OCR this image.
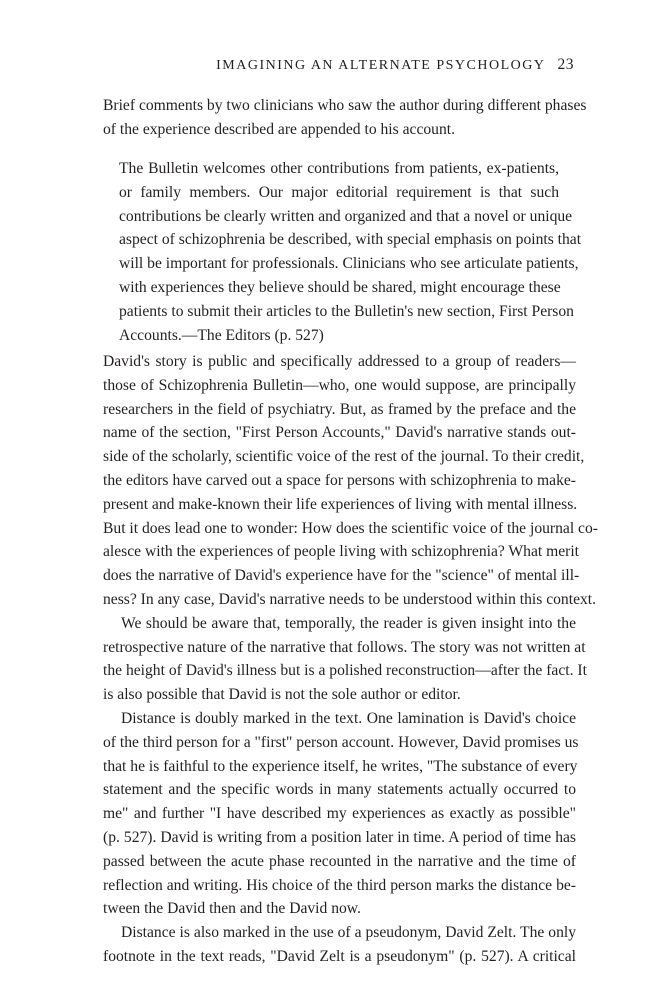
IMAGINING AN ALTERNATE PSYCHOLOGY 23

Brief comments by two clinicians who saw the author during different phases
of the experience described are appended to his account.

The Bulletin welcomes other contributions from patients, ex-patients,
or family members. Our major editorial requirement is that such
contributions be clearly written and organized and that a novel or unique
aspect of schizophrenia be described, with special emphasis on points that
will be important for professionals. Clinicians who see articulate patients,
with experiences they believe should be shared, might encourage these
patients to submit their articles to the Bulletin's new section, First Person
Accounts.—The Editors (p. 527)

David's story is public and specifically addressed to a group of readers—
those of Schizophrenia Bulletin—who, one would suppose, are principally
researchers in the field of psychiatry. But, as framed by the preface and the
name of the section, "First Person Accounts," David's narrative stands out-
side of the scholarly, scientific voice of the rest of the journal. To their credit,
the editors have carved out a space for persons with schizophrenia to make-
present and make-known their life experiences of living with mental illness.
But it does lead one to wonder: How does the scientific voice of the journal co-
alesce with the experiences of people living with schizophrenia? What merit
does the narrative of David's experience have for the "science" of mental ill-
ness? In any case, David's narrative needs to be understood within this context.

We should be aware that, temporally, the reader is given insight into the
retrospective nature of the narrative that follows. The story was not written at
the height of David's illness but is a polished reconstruction—after the fact. It
is also possible that David is not the sole author or editor.

Distance is doubly marked in the text. One lamination is David's choice
of the third person for a "first" person account. However, David promises us
that he is faithful to the experience itself, he writes, "The substance of every
statement and the specific words in many statements actually occurred to
me" and further "I have described my experiences as exactly as possible"
(p. 527). David is writing from a position later in time. A period of time has
passed between the acute phase recounted in the narrative and the time of
reflection and writing. His choice of the third person marks the distance be-
tween the David then and the David now.

Distance is also marked in the use of a pseudonym, David Zelt. The only
footnote in the text reads, "David Zelt is a pseudonym" (p. 527). A critical
